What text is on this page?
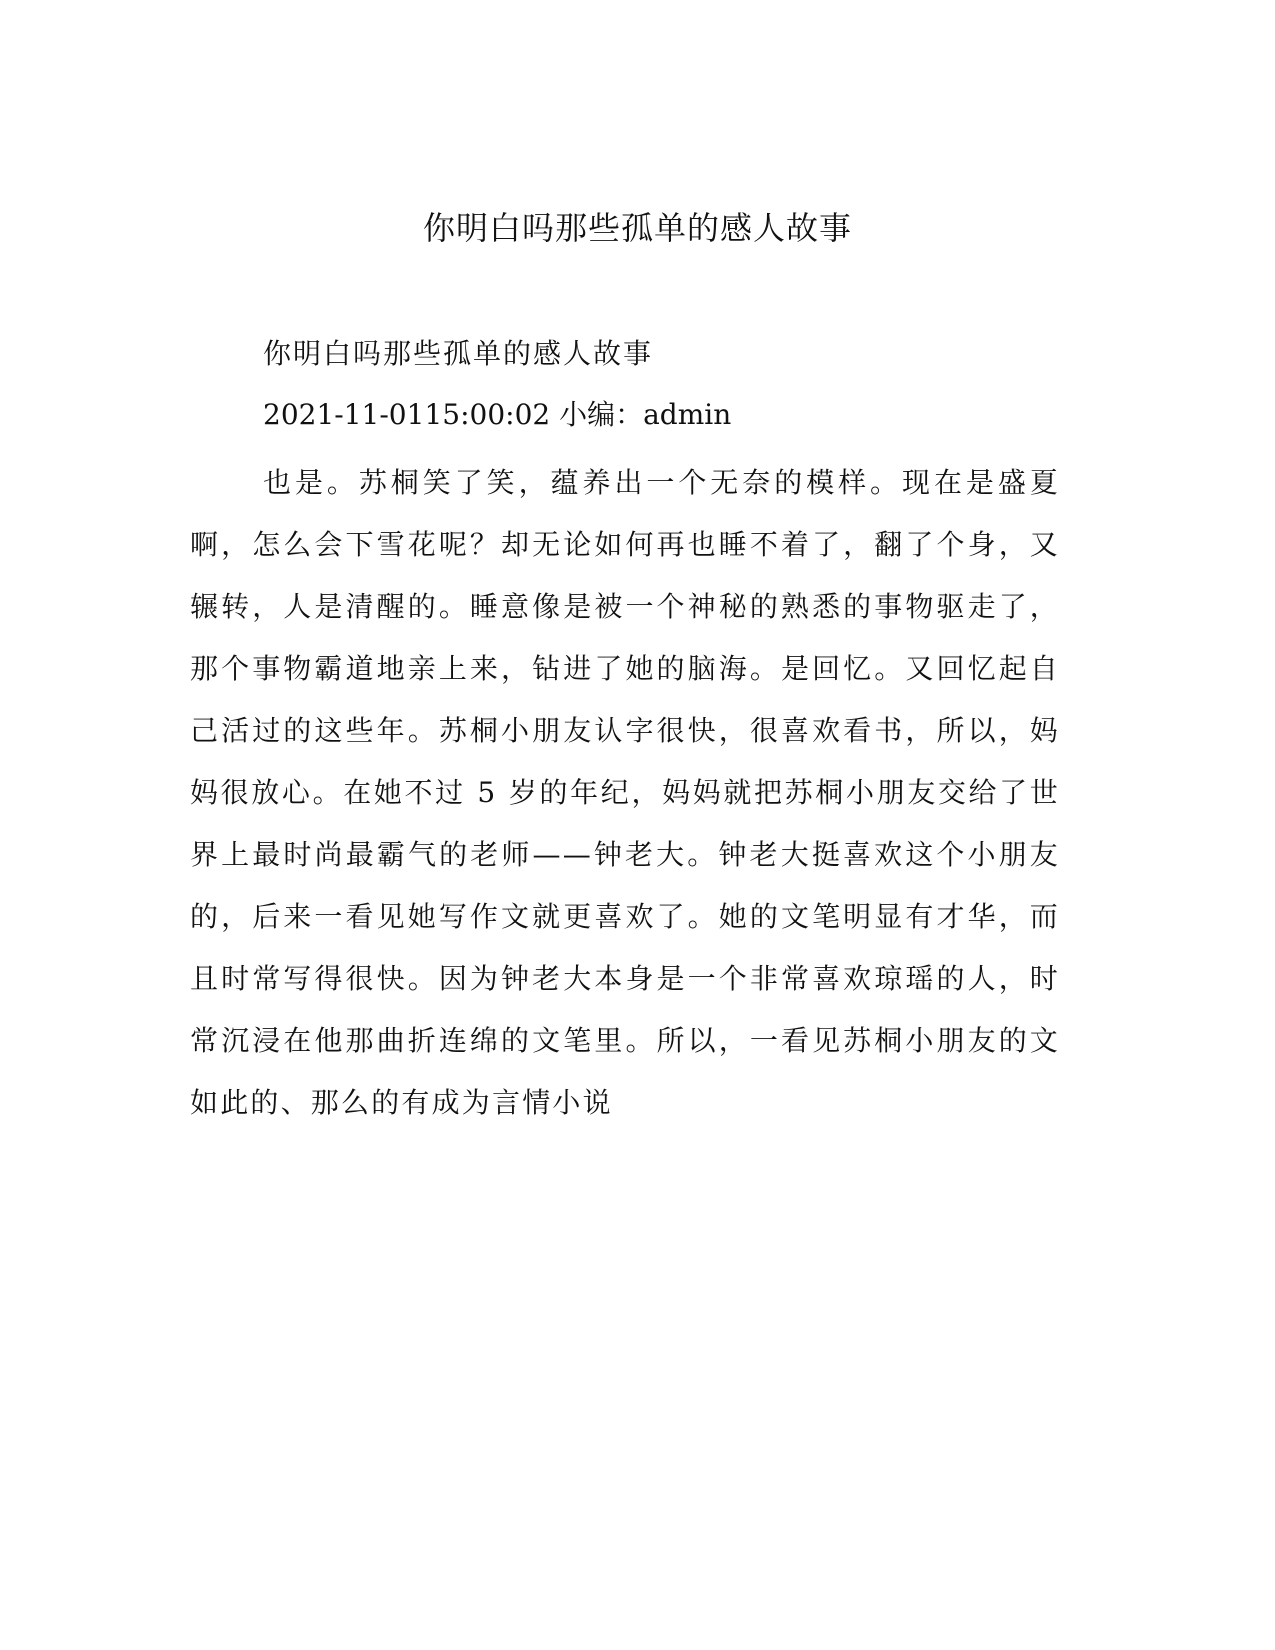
你明白吗那些孤单的感人故事
你明白吗那些孤单的感人故事
2021-11-0115:00:02 小编：admin

也是。苏桐笑了笑，蕴养出一个无奈的模样。现在是盛夏啊，怎么会下雪花呢？却无论如何再也睡不着了，翻了个身，又辗转，人是清醒的。睡意像是被一个神秘的熟悉的事物驱走了，那个事物霸道地亲上来，钻进了她的脑海。是回忆。又回忆起自己活过的这些年。苏桐小朋友认字很快，很喜欢看书，所以，妈妈很放心。在她不过 5 岁的年纪，妈妈就把苏桐小朋友交给了世界上最时尚最霸气的老师——钟老大。钟老大挺喜欢这个小朋友的，后来一看见她写作文就更喜欢了。她的文笔明显有才华，而且时常写得很快。因为钟老大本身是一个非常喜欢琼瑶的人，时常沉浸在他那曲折连绵的文笔里。所以，一看见苏桐小朋友的文如此的、那么的有成为言情小说
